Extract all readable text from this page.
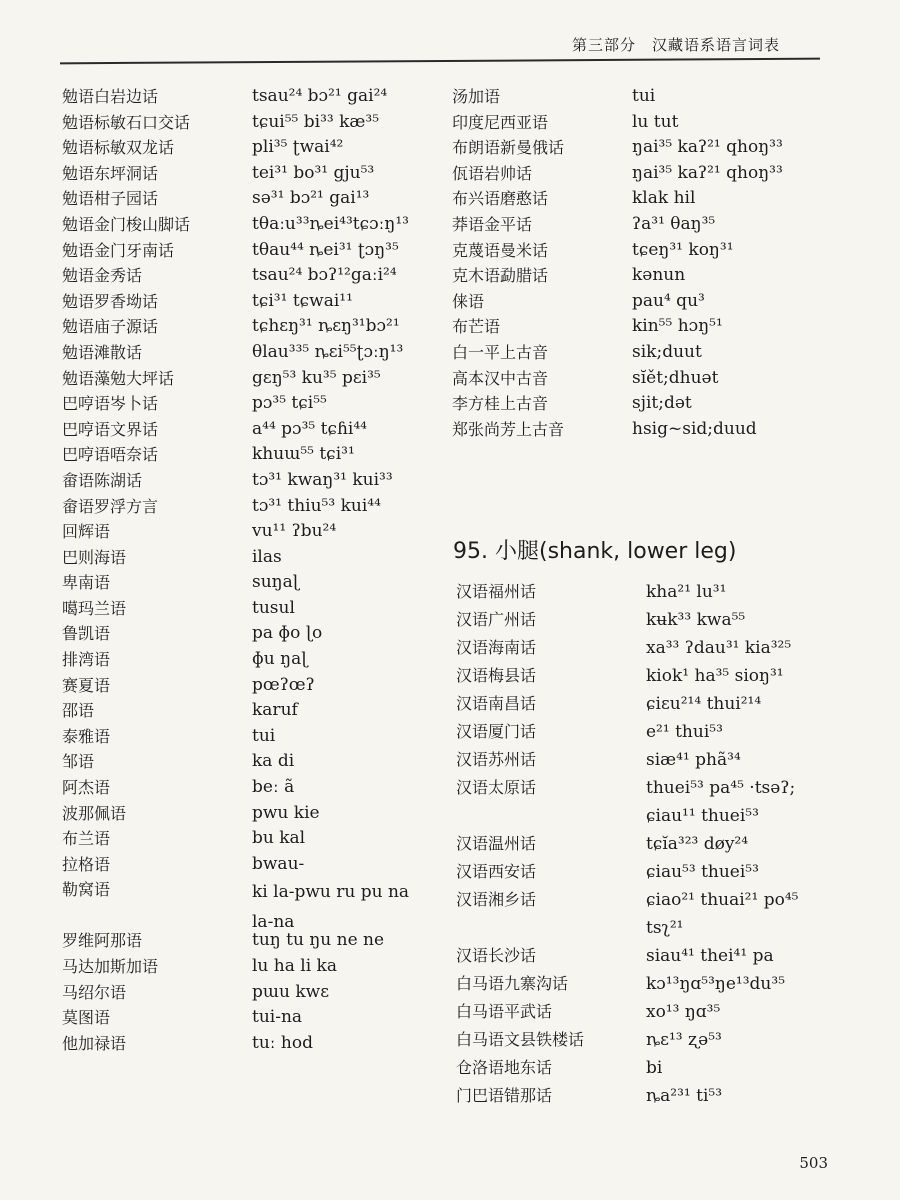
第三部分　汉藏语系语言词表
勉语白岩边话	tsau²⁴ bɔ²¹ gai²⁴
勉语标敏石口交话	tɕui⁵⁵ bi³³ kæ³⁵
勉语标敏双龙话	pli³⁵ ʈwai⁴²
勉语东坪洞话	tei³¹ bo³¹ gju⁵³
勉语柑子园话	sə³¹ bɔ²¹ gai¹³
勉语金门梭山脚话	tθaːu³³ȵei⁴³tɕɔːŋ¹³
勉语金门牙南话	tθau⁴⁴ ȵei³¹ ʈɔŋ³⁵
勉语金秀话	tsau²⁴ bɔʔ¹²gaːi²⁴
勉语罗香坳话	tɕi³¹ tɕwai¹¹
勉语庙子源话	tɕhɛŋ³¹ ȵɛŋ³¹bɔ²¹
勉语滩散话	θlau³³⁵ ȵɛi⁵⁵ʈɔːŋ¹³
勉语藻勉大坪话	gɛŋ⁵³ ku³⁵ pɛi³⁵
巴哼语岑卜话	pɔ³⁵ tɕi⁵⁵
巴哼语文界话	a⁴⁴ pɔ³⁵ tɕɦi⁴⁴
巴哼语唔奈话	khuɯ⁵⁵ tɕi³¹
畲语陈湖话	tɔ³¹ kwaŋ³¹ kui³³
畲语罗浮方言	tɔ³¹ thiu⁵³ kui⁴⁴
回辉语	vu¹¹ ʔbu²⁴
巴则海语	ilas
卑南语	suŋaɭ
噶玛兰语	tusul
鲁凯语	pa ɸo ɭo
排湾语	ɸu ŋaɭ
赛夏语	pœʔœʔ
邵语	karuf
泰雅语	tui
邹语	ka di
阿杰语	beː ã
波那佩语	pwu kie
布兰语	bu kal
拉格语	bwau-
勒窝语	ki la-pwu ru pu na la-na
罗维阿那语	tuŋ tu ŋu ne ne
马达加斯加语	lu ha li ka
马绍尔语	pɯu kwɛ
莫图语	tui-na
他加禄语	tuː hod
汤加语	tui
印度尼西亚语	lu tut
布朗语新曼俄话	ŋai³⁵ kaʔ²¹ qhoŋ³³
佤语岩帅话	ŋai³⁵ kaʔ²¹ qhoŋ³³
布兴语磨憨话	klak hil
莽语金平话	ʔa³¹ θaŋ³⁵
克蔑语曼米话	tɕeŋ³¹ koŋ³¹
克木语勐腊话	kənun
俫语	pau⁴ qu³
布芒语	kin⁵⁵ hɔŋ⁵¹
白一平上古音	sik;duut
高本汉中古音	sĭět;dhuət
李方桂上古音	sjit;dət
郑张尚芳上古音	hsig~sid;duud
95. 小腿(shank, lower leg)
汉语福州话	kha²¹ lu³¹
汉语广州话	kʉk³³ kwa⁵⁵
汉语海南话	xa³³ ʔdau³¹ kia³²⁵
汉语梅县话	kiok¹ ha³⁵ sioŋ³¹
汉语南昌话	ɕiɛu²¹⁴ thui²¹⁴
汉语厦门话	e²¹ thui⁵³
汉语苏州话	siæ⁴¹ phã³⁴
汉语太原话	thuei⁵³ pa⁴⁵ ·tsəʔ;
ɕiau¹¹ thuei⁵³
汉语温州话	tɕĭa³²³ døy²⁴
汉语西安话	ɕiau⁵³ thuei⁵³
汉语湘乡话	ɕiao²¹ thuai²¹ po⁴⁵
tsʅ²¹
汉语长沙话	siau⁴¹ thei⁴¹ pa
白马语九寨沟话	kɔ¹³ŋɑ⁵³ŋe¹³du³⁵
白马语平武话	xo¹³ ŋɑ³⁵
白马语文县铁楼话	ȵɛ¹³ ʐə⁵³
仓洛语地东话	bi
门巴语错那话	ȵa²³¹ ti⁵³
503
